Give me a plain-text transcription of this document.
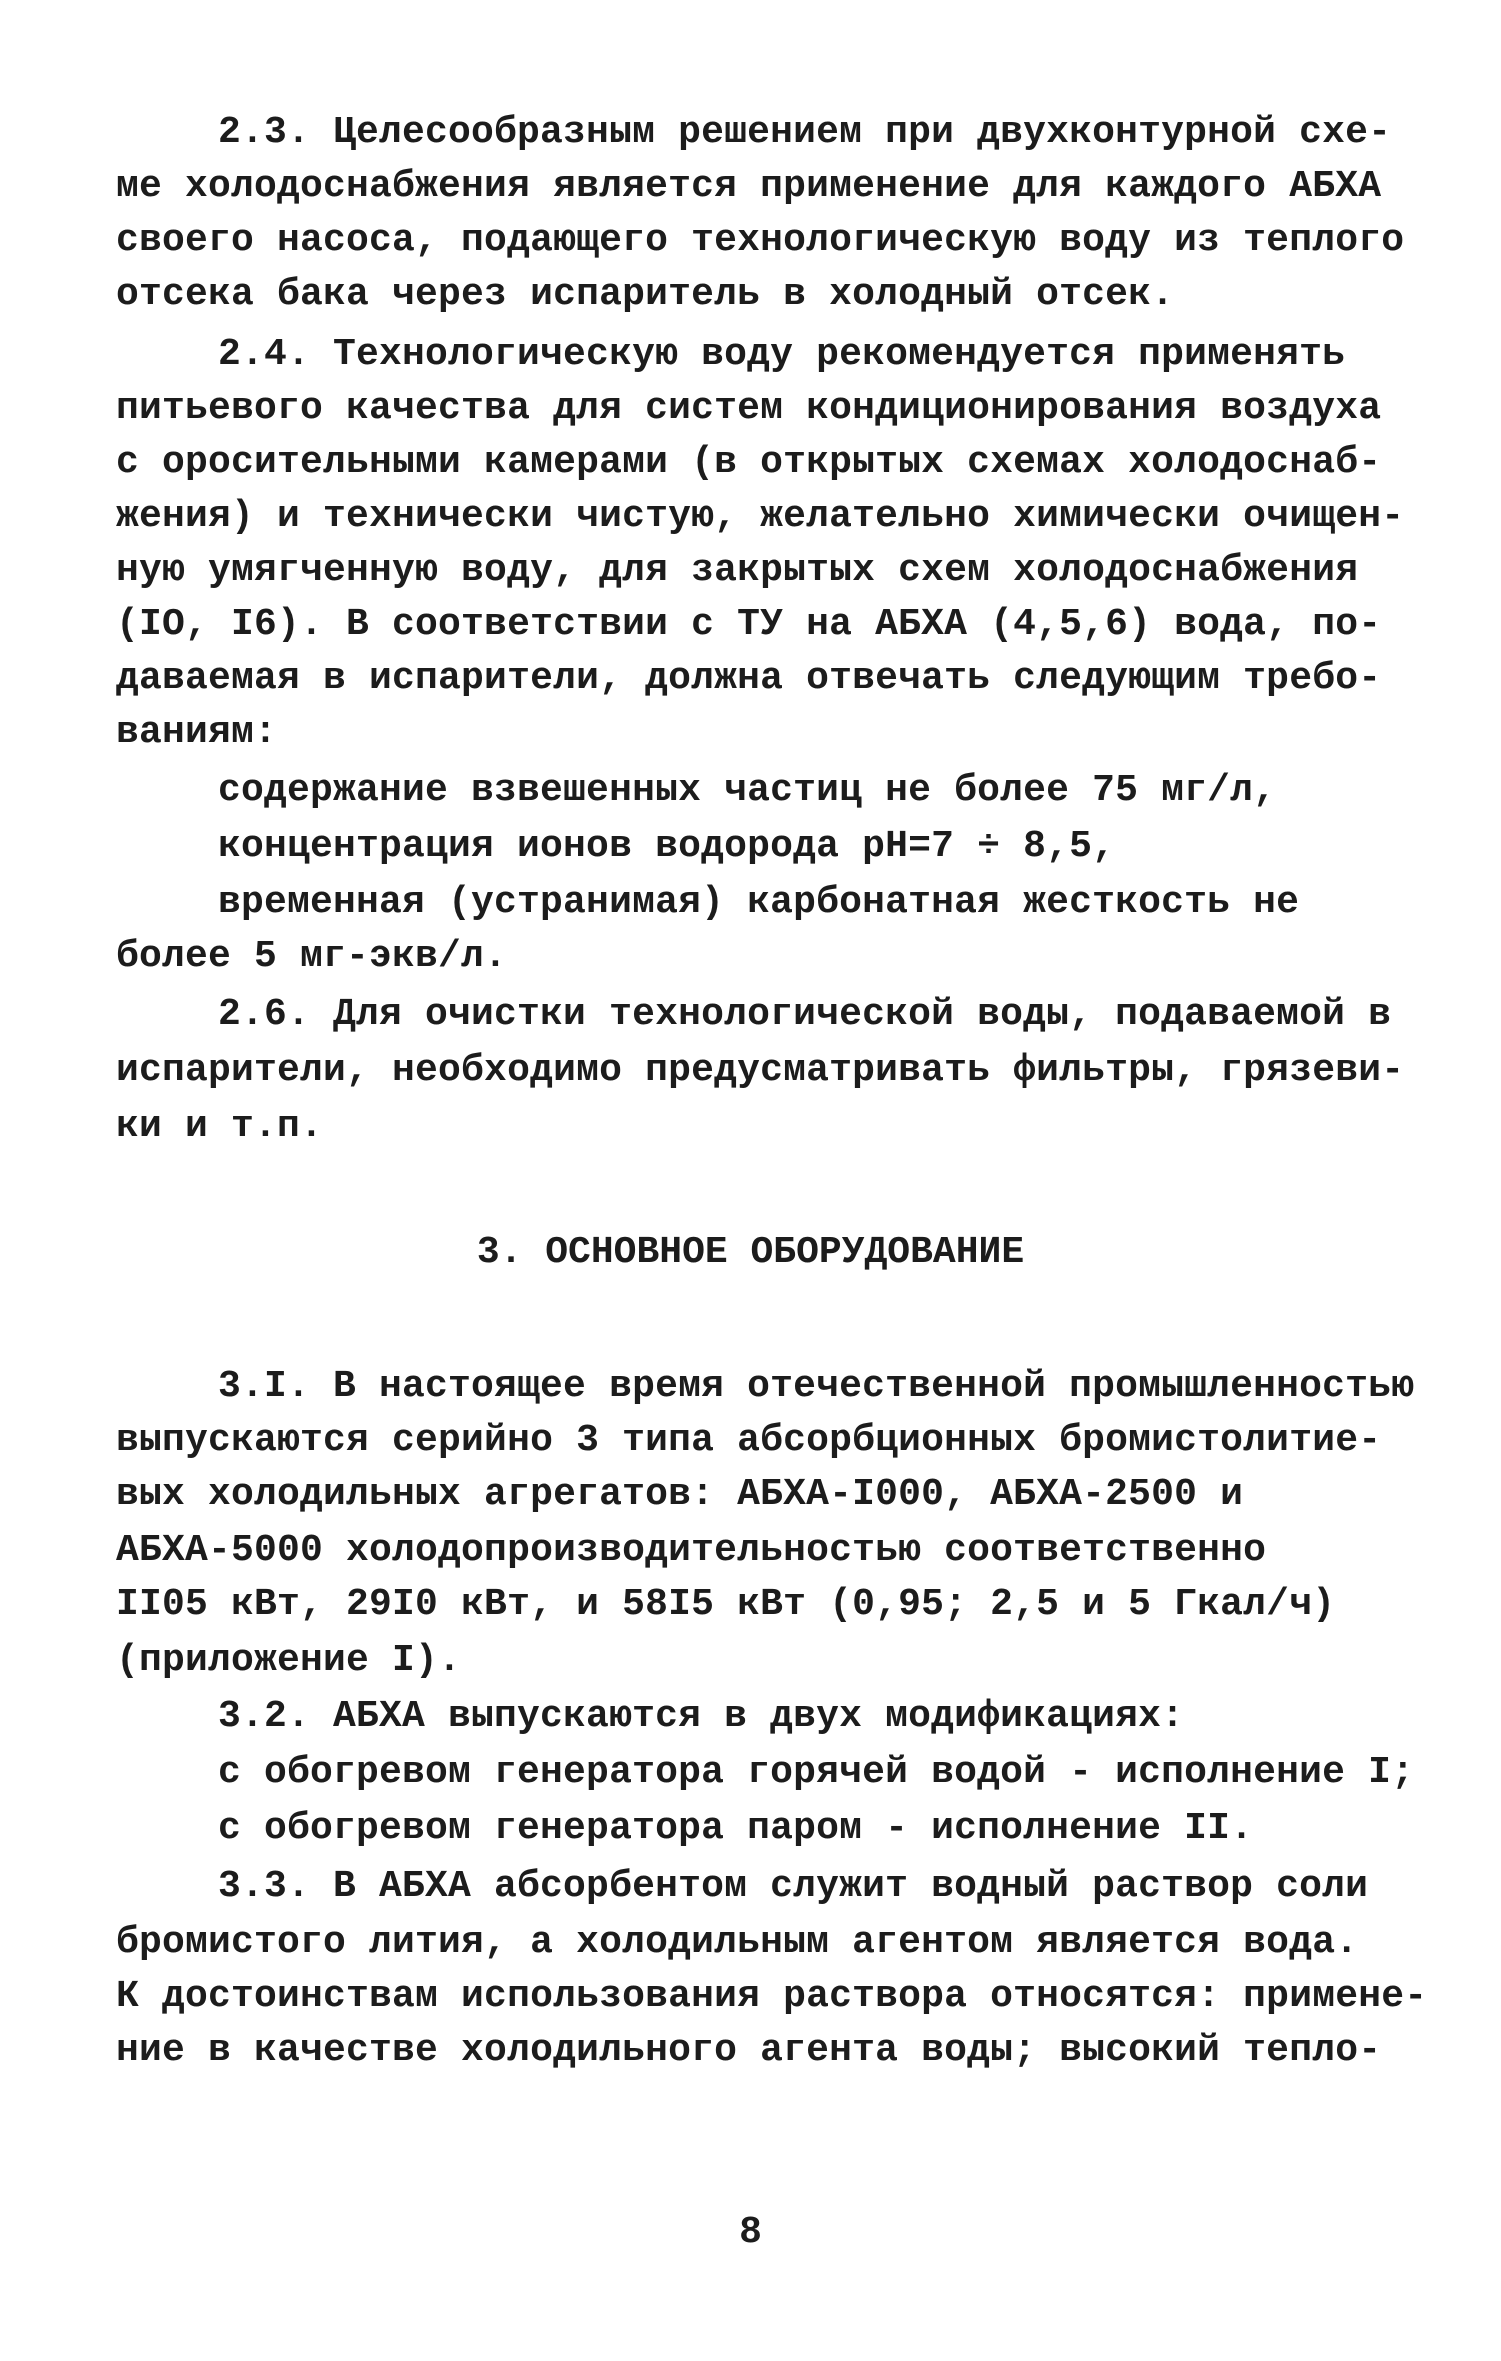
2.3. Целесообразным решением при двухконтурной схе-
ме холодоснабжения является применение для каждого АБХА
своего насоса, подающего технологическую воду из теплого
отсека бака через испаритель в холодный отсек.
2.4. Технологическую воду рекомендуется применять
питьевого качества для систем кондиционирования воздуха
с оросительными камерами (в открытых схемах холодоснаб-
жения) и технически чистую, желательно химически очищен-
ную умягченную воду, для закрытых схем холодоснабжения
(IO, I6). В соответствии с ТУ на АБХА (4,5,6) вода, по-
даваемая в испарители, должна отвечать следующим требо-
ваниям:
содержание взвешенных частиц не более 75 мг/л,
концентрация ионов водорода pH=7 ÷ 8,5,
временная (устранимая) карбонатная жесткость не
более 5 мг-экв/л.
2.6. Для очистки технологической воды, подаваемой в
испарители, необходимо предусматривать фильтры, грязеви-
ки и т.п.
3. ОСНОВНОЕ ОБОРУДОВАНИЕ
3.I. В настоящее время отечественной промышленностью
выпускаются серийно 3 типа абсорбционных бромистолитие-
вых холодильных агрегатов: АБХА-I000, АБХА-2500 и
АБХА-5000 холодопроизводительностью соответственно
II05 кВт, 29I0 кВт, и 58I5 кВт (0,95; 2,5 и 5 Гкал/ч)
(приложение I).
3.2. АБХА выпускаются в двух модификациях:
с обогревом генератора горячей водой - исполнение I;
с обогревом генератора паром - исполнение II.
3.3. В АБХА абсорбентом служит водный раствор соли
бромистого лития, а холодильным агентом является вода.
К достоинствам использования раствора относятся: примене-
ние в качестве холодильного агента воды; высокий тепло-
8
